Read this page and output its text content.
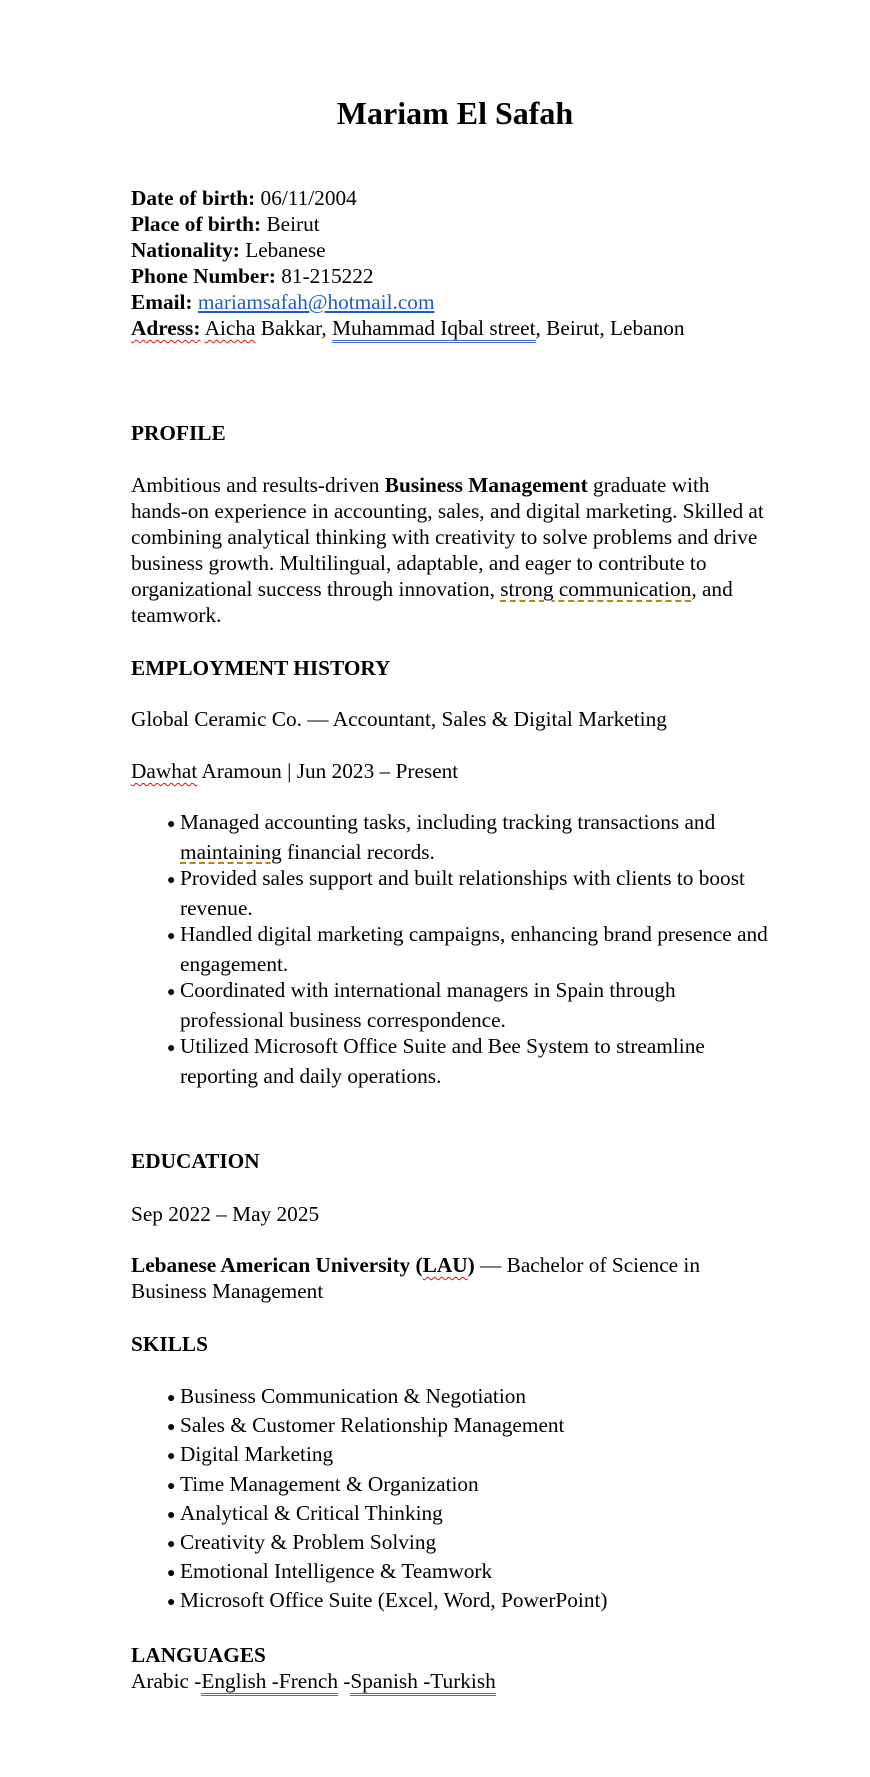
Mariam El Safah
Date of birth: 06/11/2004
Place of birth: Beirut
Nationality: Lebanese
Phone Number: 81-215222
Email: mariamsafah@hotmail.com
Adress: Aicha Bakkar, Muhammad Iqbal street, Beirut, Lebanon
PROFILE
Ambitious and results-driven Business Management graduate with hands-on experience in accounting, sales, and digital marketing. Skilled at combining analytical thinking with creativity to solve problems and drive business growth. Multilingual, adaptable, and eager to contribute to organizational success through innovation, strong communication, and teamwork.
EMPLOYMENT HISTORY
Global Ceramic Co. — Accountant, Sales & Digital Marketing
Dawhat Aramoun | Jun 2023 – Present
● Managed accounting tasks, including tracking transactions and maintaining financial records.
● Provided sales support and built relationships with clients to boost revenue.
● Handled digital marketing campaigns, enhancing brand presence and engagement.
● Coordinated with international managers in Spain through professional business correspondence.
● Utilized Microsoft Office Suite and Bee System to streamline reporting and daily operations.
EDUCATION
Sep 2022 – May 2025
Lebanese American University (LAU) — Bachelor of Science in Business Management
SKILLS
● Business Communication & Negotiation
● Sales & Customer Relationship Management
● Digital Marketing
● Time Management & Organization
● Analytical & Critical Thinking
● Creativity & Problem Solving
● Emotional Intelligence & Teamwork
● Microsoft Office Suite (Excel, Word, PowerPoint)
LANGUAGES
Arabic -English -French -Spanish -Turkish
